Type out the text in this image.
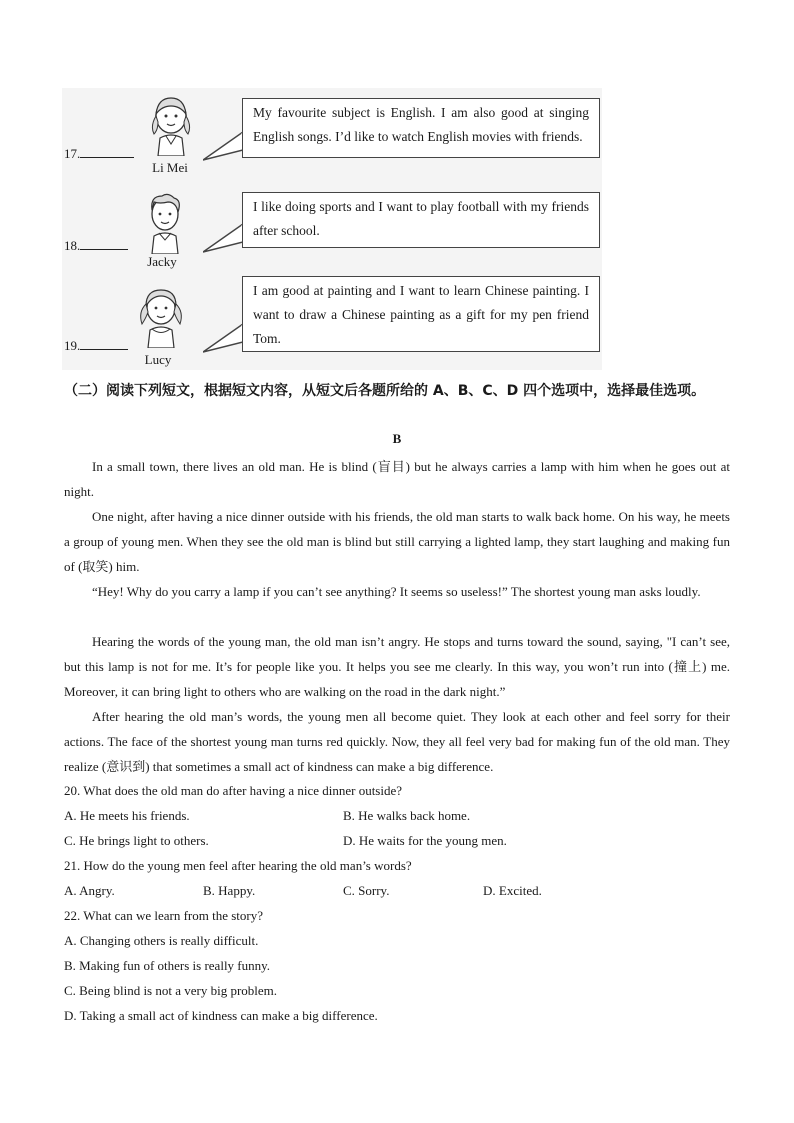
17.
Li Mei
My favourite subject is English. I am also good at singing English songs. I’d like to watch English movies with friends.
18.
Jacky
I like doing sports and I want to play football with my friends after school.
19.
Lucy
I am good at painting and I want to learn Chinese painting. I want to draw a Chinese painting as a gift for my pen friend Tom.
（二）阅读下列短文，根据短文内容，从短文后各题所给的 A、B、C、D 四个选项中，选择最佳选项。
B

In a small town, there lives an old man. He is blind (盲目) but he always carries a lamp with him when he goes out at night.

One night, after having a nice dinner outside with his friends, the old man starts to walk back home. On his way, he meets a group of young men. When they see the old man is blind but still carrying a lighted lamp, they start laughing and making fun of (取笑) him.

“Hey! Why do you carry a lamp if you can’t see anything? It seems so useless!” The shortest young man asks loudly.

Hearing the words of the young man, the old man isn’t angry. He stops and turns toward the sound, saying, "I can’t see, but this lamp is not for me. It’s for people like you. It helps you see me clearly. In this way, you won’t run into (撞上) me. Moreover, it can bring light to others who are walking on the road in the dark night.”

After hearing the old man’s words, the young men all become quiet. They look at each other and feel sorry for their actions. The face of the shortest young man turns red quickly. Now, they all feel very bad for making fun of the old man. They realize (意识到) that sometimes a small act of kindness can make a big difference.

20. What does the old man do after having a nice dinner outside?

A. He meets his friends.	B. He walks back home.

C. He brings light to others.	D. He waits for the young men.

21. How do the young men feel after hearing the old man’s words?

A. Angry.	B. Happy.	C. Sorry.	D. Excited.

22. What can we learn from the story?

A. Changing others is really difficult.

B. Making fun of others is really funny.

C. Being blind is not a very big problem.

D. Taking a small act of kindness can make a big difference.
